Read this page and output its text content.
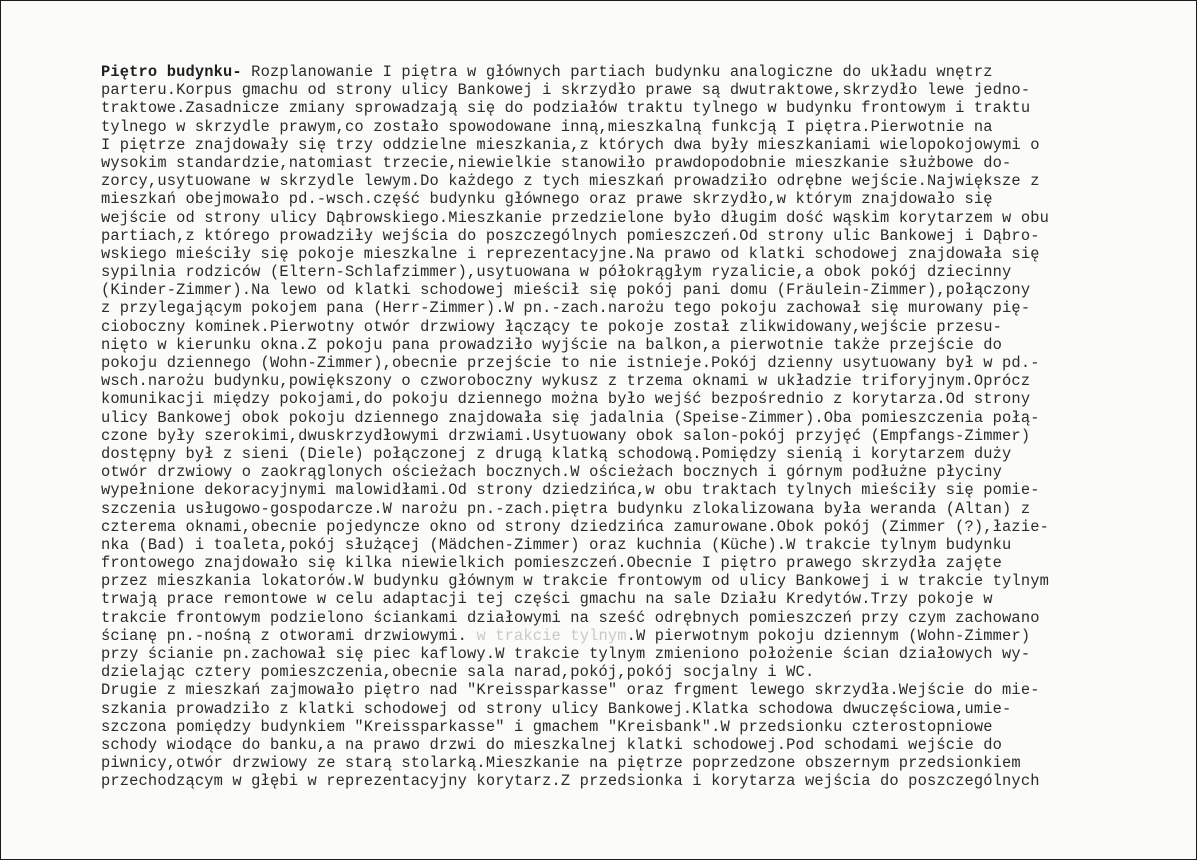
Piętro budynku- Rozplanowanie I piętra w głównych partiach budynku analogiczne do układu wnętrz
parteru.Korpus gmachu od strony ulicy Bankowej i skrzydło prawe są dwutraktowe,skrzydło lewe jedno-
traktowe.Zasadnicze zmiany sprowadzają się do podziałów traktu tylnego w budynku frontowym i traktu
tylnego w skrzydle prawym,co zostało spowodowane inną,mieszkalną funkcją I piętra.Pierwotnie na
I piętrze znajdowały się trzy oddzielne mieszkania,z których dwa były mieszkaniami wielopokojowymi o
wysokim standardzie,natomiast trzecie,niewielkie stanowiło prawdopodobnie mieszkanie służbowe do-
zorcy,usytuowane w skrzydle lewym.Do każdego z tych mieszkań prowadziło odrębne wejście.Największe z
mieszkań obejmowało pd.-wsch.część budynku głównego oraz prawe skrzydło,w którym znajdowało się
wejście od strony ulicy Dąbrowskiego.Mieszkanie przedzielone było długim dość wąskim korytarzem w obu
partiach,z którego prowadziły wejścia do poszczególnych pomieszczeń.Od strony ulic Bankowej i Dąbro-
wskiego mieściły się pokoje mieszkalne i reprezentacyjne.Na prawo od klatki schodowej znajdowała się
sypilnia rodziców (Eltern-Schlafzimmer),usytuowana w półokrągłym ryzalicie,a obok pokój dziecinny
(Kinder-Zimmer).Na lewo od klatki schodowej mieścił się pokój pani domu (Fräulein-Zimmer),połączony
z przylegającym pokojem pana (Herr-Zimmer).W pn.-zach.narożu tego pokoju zachował się murowany pię-
cioboczny kominek.Pierwotny otwór drzwiowy łączący te pokoje został zlikwidowany,wejście przesu-
nięto w kierunku okna.Z pokoju pana prowadziło wyjście na balkon,a pierwotnie także przejście do
pokoju dziennego (Wohn-Zimmer),obecnie przejście to nie istnieje.Pokój dzienny usytuowany był w pd.-
wsch.narożu budynku,powiększony o czworoboczny wykusz z trzema oknami w układzie triforyjnym.Oprócz
komunikacji między pokojami,do pokoju dziennego można było wejść bezpośrednio z korytarza.Od strony
ulicy Bankowej obok pokoju dziennego znajdowała się jadalnia (Speise-Zimmer).Oba pomieszczenia połą-
czone były szerokimi,dwuskrzydłowymi drzwiami.Usytuowany obok salon-pokój przyjęć (Empfangs-Zimmer)
dostępny był z sieni (Diele) połączonej z drugą klatką schodową.Pomiędzy sienią i korytarzem duży
otwór drzwiowy o zaokrąglonych ościeżach bocznych.W ościeżach bocznych i górnym podłużne płyciny
wypełnione dekoracyjnymi malowidłami.Od strony dziedzińca,w obu traktach tylnych mieściły się pomie-
szczenia usługowo-gospodarcze.W narożu pn.-zach.piętra budynku zlokalizowana była weranda (Altan) z
czterema oknami,obecnie pojedyncze okno od strony dziedzińca zamurowane.Obok pokój (Zimmer (?),łazie-
nka (Bad) i toaleta,pokój służącej (Mädchen-Zimmer) oraz kuchnia (Küche).W trakcie tylnym budynku
frontowego znajdowało się kilka niewielkich pomieszczeń.Obecnie I piętro prawego skrzydła zajęte
przez mieszkania lokatorów.W budynku głównym w trakcie frontowym od ulicy Bankowej i w trakcie tylnym
trwają prace remontowe w celu adaptacji tej części gmachu na sale Działu Kredytów.Trzy pokoje w
trakcie frontowym podzielono ściankami działowymi na sześć odrębnych pomieszczeń przy czym zachowano
ścianę pn.-nośną z otworami drzwiowymi. w trakcie tylnym.W pierwotnym pokoju dziennym (Wohn-Zimmer)
przy ścianie pn.zachował się piec kaflowy.W trakcie tylnym zmieniono położenie ścian działowych wy-
dzielając cztery pomieszczenia,obecnie sala narad,pokój,pokój socjalny i WC.
Drugie z mieszkań zajmowało piętro nad "Kreissparkasse" oraz frgment lewego skrzydła.Wejście do mie-
szkania prowadziło z klatki schodowej od strony ulicy Bankowej.Klatka schodowa dwuczęściowa,umie-
szczona pomiędzy budynkiem "Kreissparkasse" i gmachem "Kreisbank".W przedsionku czterostopniowe
schody wiodące do banku,a na prawo drzwi do mieszkalnej klatki schodowej.Pod schodami wejście do
piwnicy,otwór drzwiowy ze starą stolarką.Mieszkanie na piętrze poprzedzone obszernym przedsionkiem
przechodzącym w głębi w reprezentacyjny korytarz.Z przedsionka i korytarza wejścia do poszczególnych
